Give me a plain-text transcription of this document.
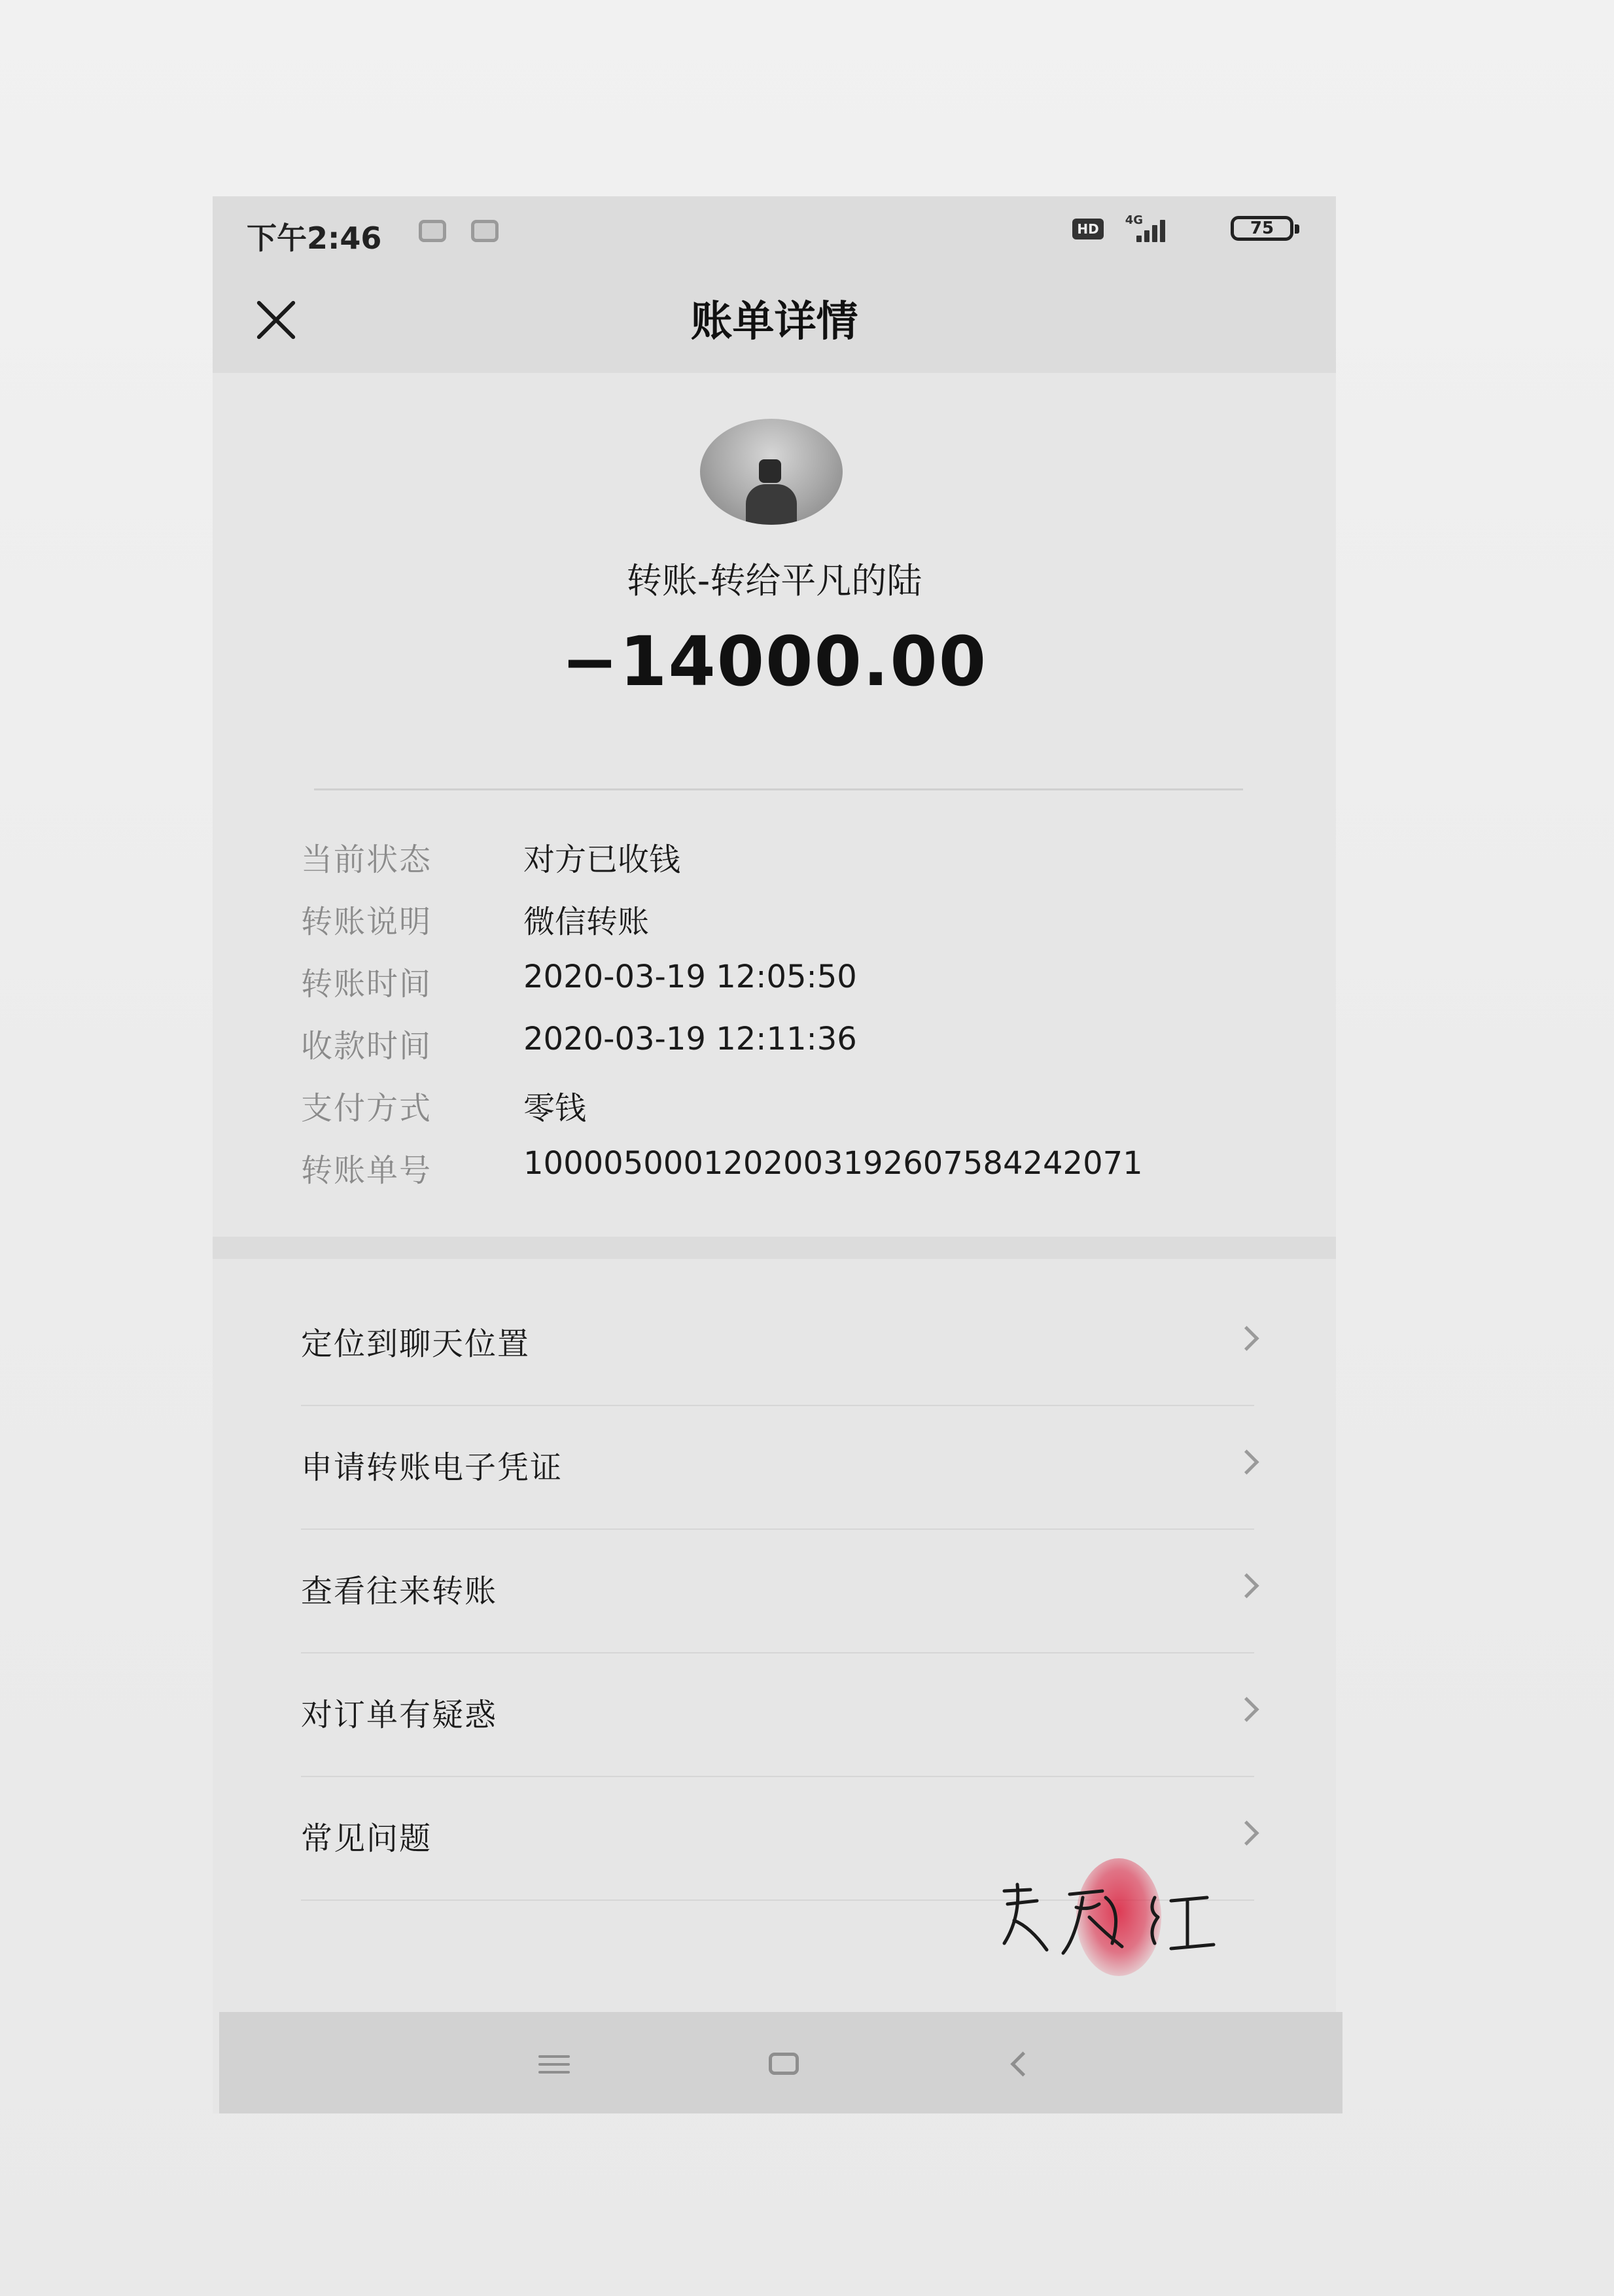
下午2:46	HD
4G	75
账单详情
转账-转给平凡的陆
−14000.00
当前状态	对方已收钱
转账说明	微信转账
转账时间	2020-03-19 12:05:50
收款时间	2020-03-19 12:11:36
支付方式	零钱
转账单号	1000050001202003192607584242071
定位到聊天位置
申请转账电子凭证
查看往来转账
对订单有疑惑
常见问题
